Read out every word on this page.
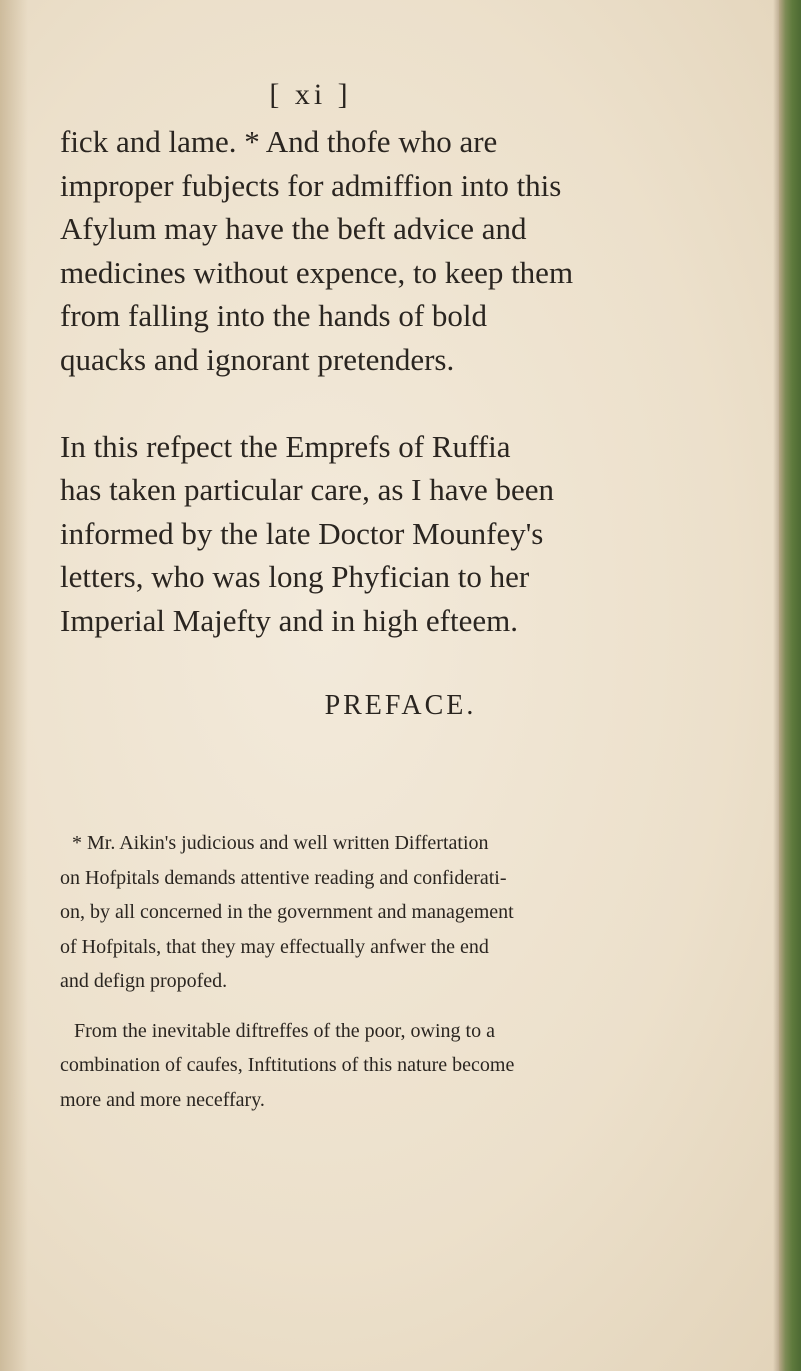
[ xi ]
fick and lame. * And thofe who are
improper fubjects for admiffion into this
Afylum may have the beft advice and
medicines without expence, to keep them
from falling into the hands of bold
quacks and ignorant pretenders.
In this refpect the Emprefs of Ruffia
has taken particular care, as I have been
informed by the late Doctor Mounfey's
letters, who was long Phyfician to her
Imperial Majefty and in high efteem.
PREFACE.
* Mr. Aikin's judicious and well written Differtation
on Hofpitals demands attentive reading and confiderati-
on, by all concerned in the government and management
of Hofpitals, that they may effectually anfwer the end
and defign propofed.
From the inevitable diftreffes of the poor, owing to a
combination of caufes, Inftitutions of this nature become
more and more neceffary.
